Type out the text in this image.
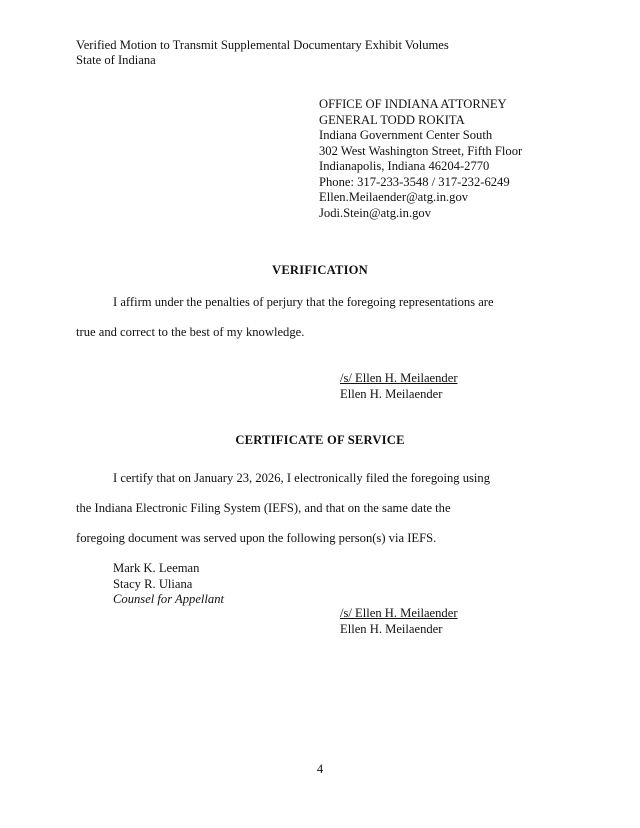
Verified Motion to Transmit Supplemental Documentary Exhibit Volumes
State of Indiana
OFFICE OF INDIANA ATTORNEY
GENERAL TODD ROKITA
Indiana Government Center South
302 West Washington Street, Fifth Floor
Indianapolis, Indiana 46204-2770
Phone: 317-233-3548 / 317-232-6249
Ellen.Meilaender@atg.in.gov
Jodi.Stein@atg.in.gov
VERIFICATION
I affirm under the penalties of perjury that the foregoing representations are
true and correct to the best of my knowledge.
/s/ Ellen H. Meilaender
Ellen H. Meilaender
CERTIFICATE OF SERVICE
I certify that on January 23, 2026, I electronically filed the foregoing using
the Indiana Electronic Filing System (IEFS), and that on the same date the
foregoing document was served upon the following person(s) via IEFS.
Mark K. Leeman
Stacy R. Uliana
Counsel for Appellant
/s/ Ellen H. Meilaender
Ellen H. Meilaender
4
